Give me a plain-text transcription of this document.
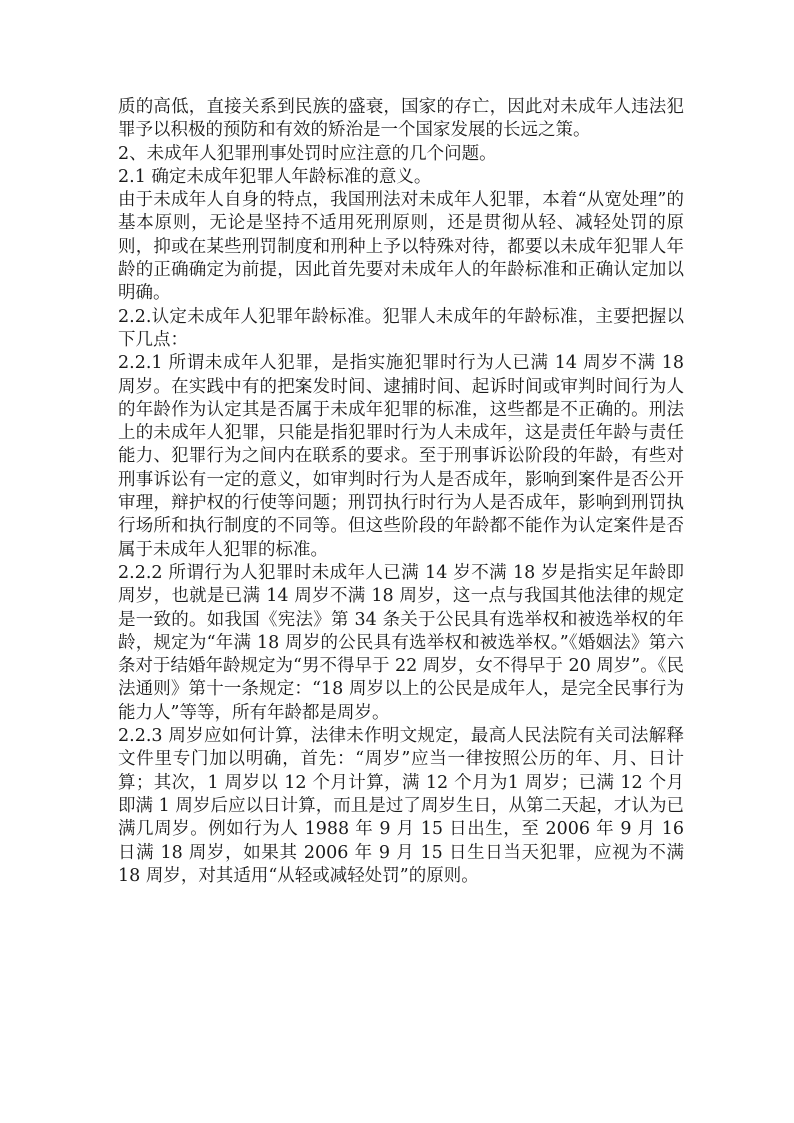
质的高低，直接关系到民族的盛衰，国家的存亡，因此对未成年人违法犯罪予以积极的预防和有效的矫治是一个国家发展的长远之策。

2、未成年人犯罪刑事处罚时应注意的几个问题。

2.1 确定未成年犯罪人年龄标准的意义。

由于未成年人自身的特点，我国刑法对未成年人犯罪，本着“从宽处理”的基本原则，无论是坚持不适用死刑原则，还是贯彻从轻、减轻处罚的原则，抑或在某些刑罚制度和刑种上予以特殊对待，都要以未成年犯罪人年龄的正确确定为前提，因此首先要对未成年人的年龄标准和正确认定加以明确。

2.2.认定未成年人犯罪年龄标准。犯罪人未成年的年龄标准，主要把握以下几点：

2.2.1 所谓未成年人犯罪，是指实施犯罪时行为人已满 14 周岁不满 18 周岁。在实践中有的把案发时间、逮捕时间、起诉时间或审判时间行为人的年龄作为认定其是否属于未成年犯罪的标准，这些都是不正确的。刑法上的未成年人犯罪，只能是指犯罪时行为人未成年，这是责任年龄与责任能力、犯罪行为之间内在联系的要求。至于刑事诉讼阶段的年龄，有些对刑事诉讼有一定的意义，如审判时行为人是否成年，影响到案件是否公开审理，辩护权的行使等问题；刑罚执行时行为人是否成年，影响到刑罚执行场所和执行制度的不同等。但这些阶段的年龄都不能作为认定案件是否属于未成年人犯罪的标准。

2.2.2 所谓行为人犯罪时未成年人已满 14 岁不满 18 岁是指实足年龄即周岁，也就是已满 14 周岁不满 18 周岁，这一点与我国其他法律的规定是一致的。如我国《宪法》第 34 条关于公民具有选举权和被选举权的年龄，规定为“年满 18 周岁的公民具有选举权和被选举权。”《婚姻法》第六条对于结婚年龄规定为“男不得早于 22 周岁，女不得早于 20 周岁”。《民法通则》第十一条规定：“18 周岁以上的公民是成年人，是完全民事行为能力人”等等，所有年龄都是周岁。

2.2.3 周岁应如何计算，法律未作明文规定，最高人民法院有关司法解释文件里专门加以明确，首先：“周岁”应当一律按照公历的年、月、日计算；其次，1 周岁以 12 个月计算，满 12 个月为1 周岁；已满 12 个月即满 1 周岁后应以日计算，而且是过了周岁生日，从第二天起，才认为已满几周岁。例如行为人 1988 年 9 月 15 日出生，至 2006 年 9 月 16 日满 18 周岁，如果其 2006 年 9 月 15 日生日当天犯罪，应视为不满 18 周岁，对其适用“从轻或减轻处罚”的原则。
